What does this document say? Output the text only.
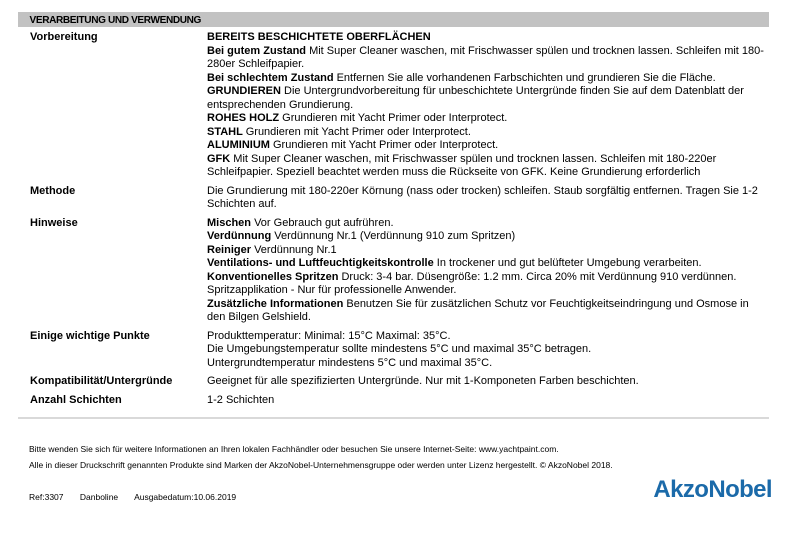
VERARBEITUNG UND VERWENDUNG
Vorbereitung	BEREITS BESCHICHTETE OBERFLÄCHEN
Bei gutem Zustand Mit Super Cleaner waschen, mit Frischwasser spülen und trocknen lassen. Schleifen mit 180-280er Schleifpapier.
Bei schlechtem Zustand Entfernen Sie alle vorhandenen Farbschichten und grundieren Sie die Fläche.
GRUNDIEREN Die Untergrundvorbereitung für unbeschichtete Untergründe finden Sie auf dem Datenblatt der entsprechenden Grundierung.
ROHES HOLZ Grundieren mit Yacht Primer oder Interprotect.
STAHL Grundieren mit Yacht Primer oder Interprotect.
ALUMINIUM Grundieren mit Yacht Primer oder Interprotect.
GFK Mit Super Cleaner waschen, mit Frischwasser spülen und trocknen lassen. Schleifen mit 180-220er Schleifpapier. Speziell beachtet werden muss die Rückseite von GFK. Keine Grundierung erforderlich
Methode	Die Grundierung mit 180-220er Körnung (nass oder trocken) schleifen. Staub sorgfältig entfernen. Tragen Sie 1-2 Schichten auf.
Hinweise	Mischen Vor Gebrauch gut aufrühren.
Verdünnung Verdünnung Nr.1 (Verdünnung 910 zum Spritzen)
Reiniger Verdünnung Nr.1
Ventilations- und Luftfeuchtigkeitskontrolle In trockener und gut belüfteter Umgebung verarbeiten.
Konventionelles Spritzen Druck: 3-4 bar. Düsengröße: 1.2 mm. Circa 20% mit Verdünnung 910 verdünnen. Spritzapplikation - Nur für professionelle Anwender.
Zusätzliche Informationen Benutzen Sie für zusätzlichen Schutz vor Feuchtigkeitseindringung und Osmose in den Bilgen Gelshield.
Einige wichtige Punkte	Produkttemperatur: Minimal: 15°C Maximal: 35°C.
Die Umgebungstemperatur sollte mindestens 5°C und maximal 35°C betragen.
Untergrundtemperatur mindestens 5°C und maximal 35°C.
Kompatibilität/Untergründe	Geeignet für alle spezifizierten Untergründe. Nur mit 1-Komponeten Farben beschichten.
Anzahl Schichten	1-2 Schichten
Bitte wenden Sie sich für weitere Informationen an Ihren lokalen Fachhändler oder besuchen Sie unsere Internet-Seite: www.yachtpaint.com.
Alle in dieser Druckschrift genannten Produkte sind Marken der AkzoNobel-Unternehmensgruppe oder werden unter Lizenz hergestellt. © AkzoNobel 2018.
Ref:3307 Danboline Ausgabedatum:10.06.2019	AkzoNobel
